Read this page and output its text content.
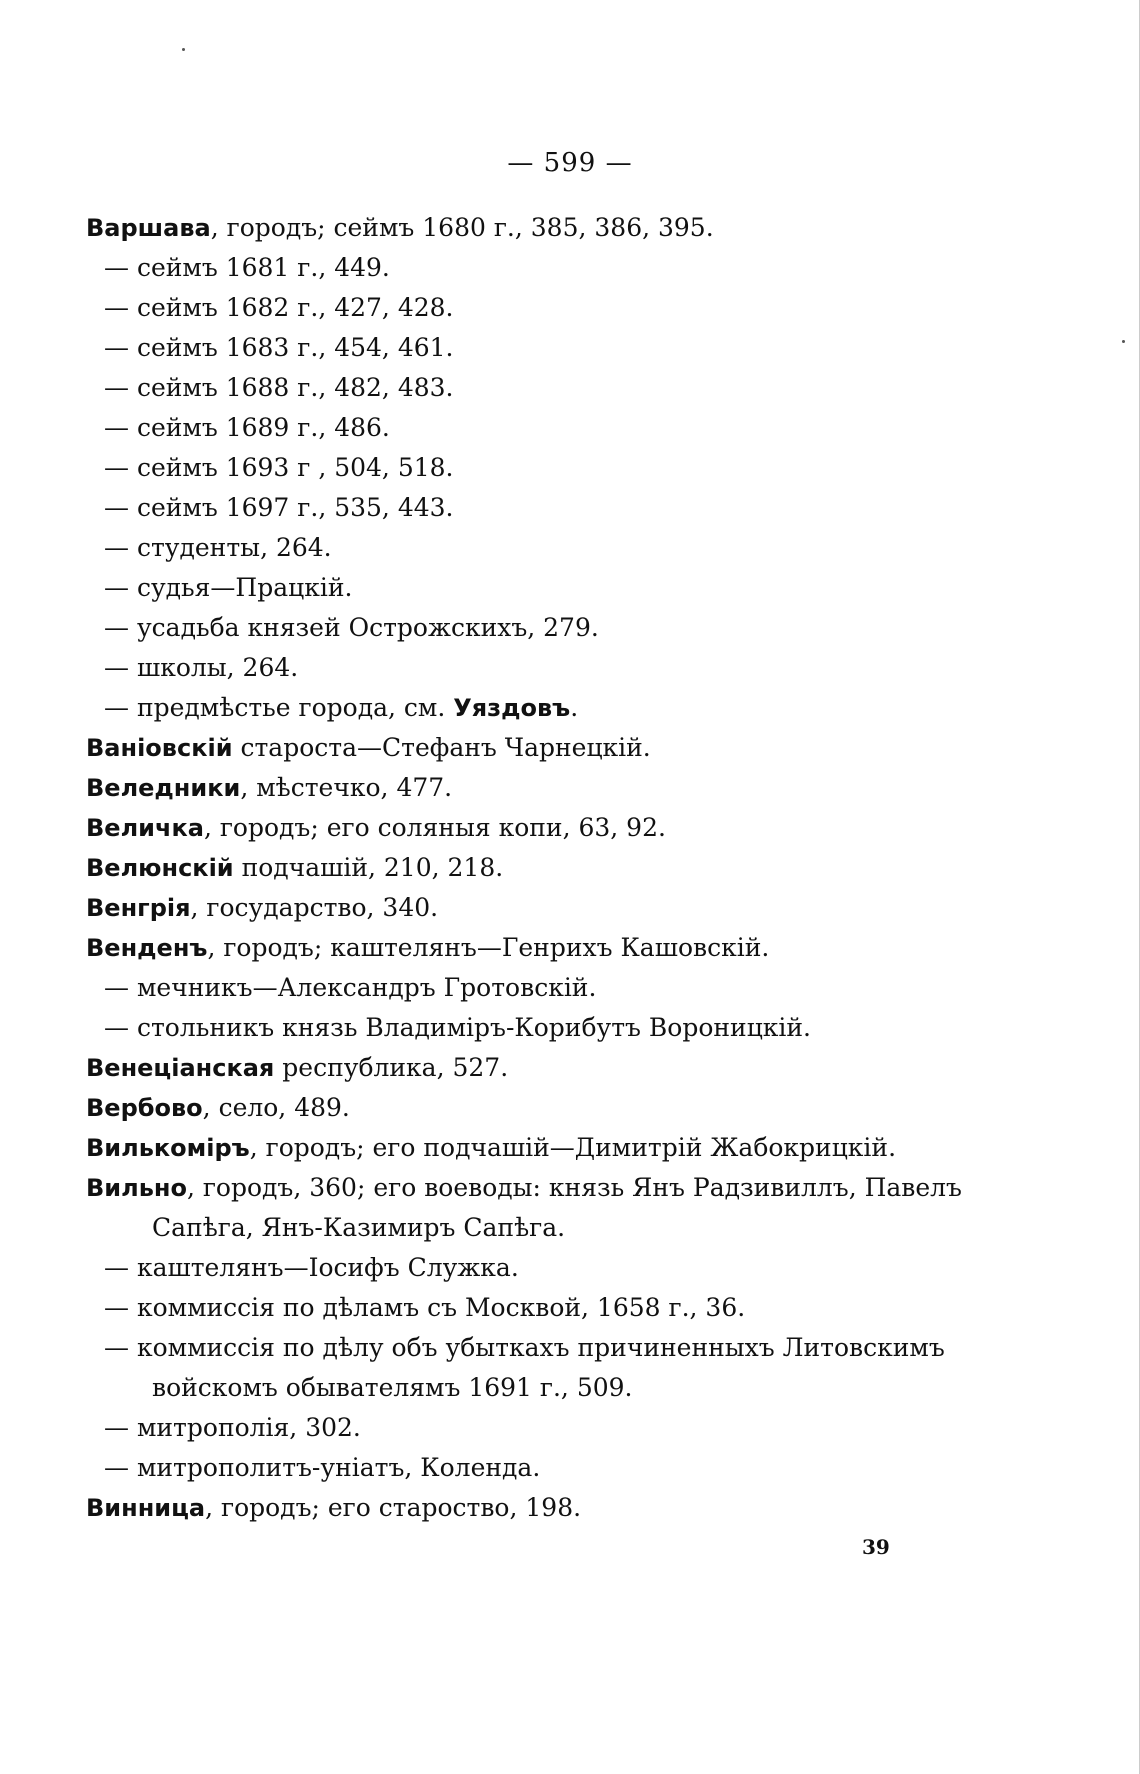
— 599 —
Варшава, городъ; сеймъ 1680 г., 385, 386, 395.
— сеймъ 1681 г., 449.
— сеймъ 1682 г., 427, 428.
— сеймъ 1683 г., 454, 461.
— сеймъ 1688 г., 482, 483.
— сеймъ 1689 г., 486.
— сеймъ 1693 г , 504, 518.
— сеймъ 1697 г., 535, 443.
— студенты, 264.
— судья—Працкій.
— усадьба князей Острожскихъ, 279.
— школы, 264.
— предмѣстье города, см. Уяздовъ.
Ваніовскій староста—Стефанъ Чарнецкій.
Веледники, мѣстечко, 477.
Величка, городъ; его соляныя копи, 63, 92.
Велюнскій подчашій, 210, 218.
Венгрія, государство, 340.
Венденъ, городъ; каштелянъ—Генрихъ Кашовскій.
— мечникъ—Александръ Гротовскій.
— стольникъ князь Владиміръ-Корибутъ Вороницкій.
Венеціанская республика, 527.
Вербово, село, 489.
Вилькоміръ, городъ; его подчашій—Димитрій Жабокрицкій.
Вильно, городъ, 360; его воеводы: князь Янъ Радзивиллъ, Павелъ
Сапѣга, Янъ-Казимиръ Сапѣга.
— каштелянъ—Іосифъ Служка.
— коммиссія по дѣламъ съ Москвой, 1658 г., 36.
— коммиссія по дѣлу объ убыткахъ причиненныхъ Литовскимъ
войскомъ обывателямъ 1691 г., 509.
— митрополія, 302.
— митрополитъ-уніатъ, Коленда.
Винница, городъ; его староство, 198.
39
